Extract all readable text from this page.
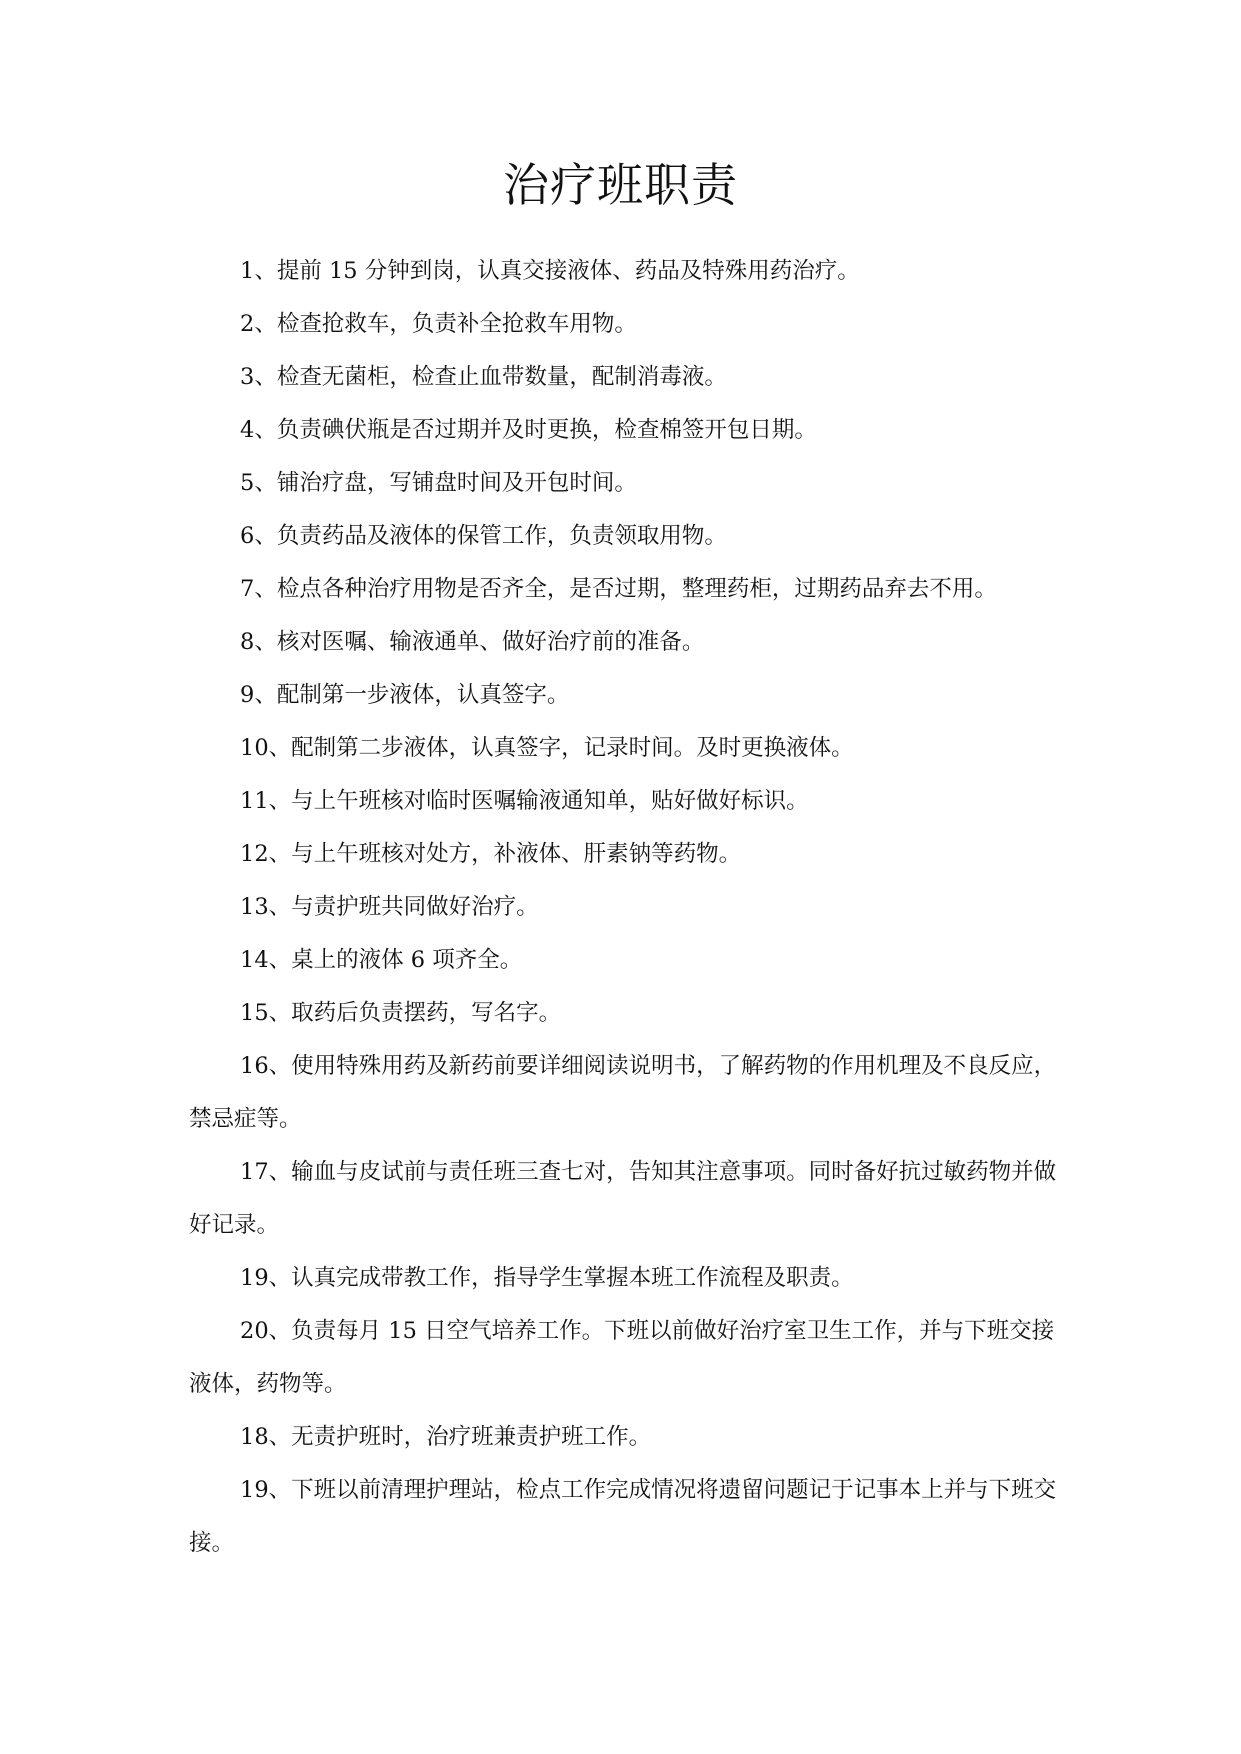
治疗班职责

1、提前 15 分钟到岗，认真交接液体、药品及特殊用药治疗。

2、检查抢救车，负责补全抢救车用物。

3、检查无菌柜，检查止血带数量，配制消毒液。

4、负责碘伏瓶是否过期并及时更换，检查棉签开包日期。

5、铺治疗盘，写铺盘时间及开包时间。

6、负责药品及液体的保管工作，负责领取用物。

7、检点各种治疗用物是否齐全，是否过期，整理药柜，过期药品弃去不用。

8、核对医嘱、输液通单、做好治疗前的准备。

9、配制第一步液体，认真签字。

10、配制第二步液体，认真签字，记录时间。及时更换液体。

11、与上午班核对临时医嘱输液通知单，贴好做好标识。

12、与上午班核对处方，补液体、肝素钠等药物。

13、与责护班共同做好治疗。

14、桌上的液体 6 项齐全。

15、取药后负责摆药，写名字。

16、使用特殊用药及新药前要详细阅读说明书，了解药物的作用机理及不良反应，禁忌症等。

17、输血与皮试前与责任班三查七对，告知其注意事项。同时备好抗过敏药物并做好记录。

19、认真完成带教工作，指导学生掌握本班工作流程及职责。

20、负责每月 15 日空气培养工作。下班以前做好治疗室卫生工作，并与下班交接液体，药物等。

18、无责护班时，治疗班兼责护班工作。

19、下班以前清理护理站，检点工作完成情况将遗留问题记于记事本上并与下班交接。
